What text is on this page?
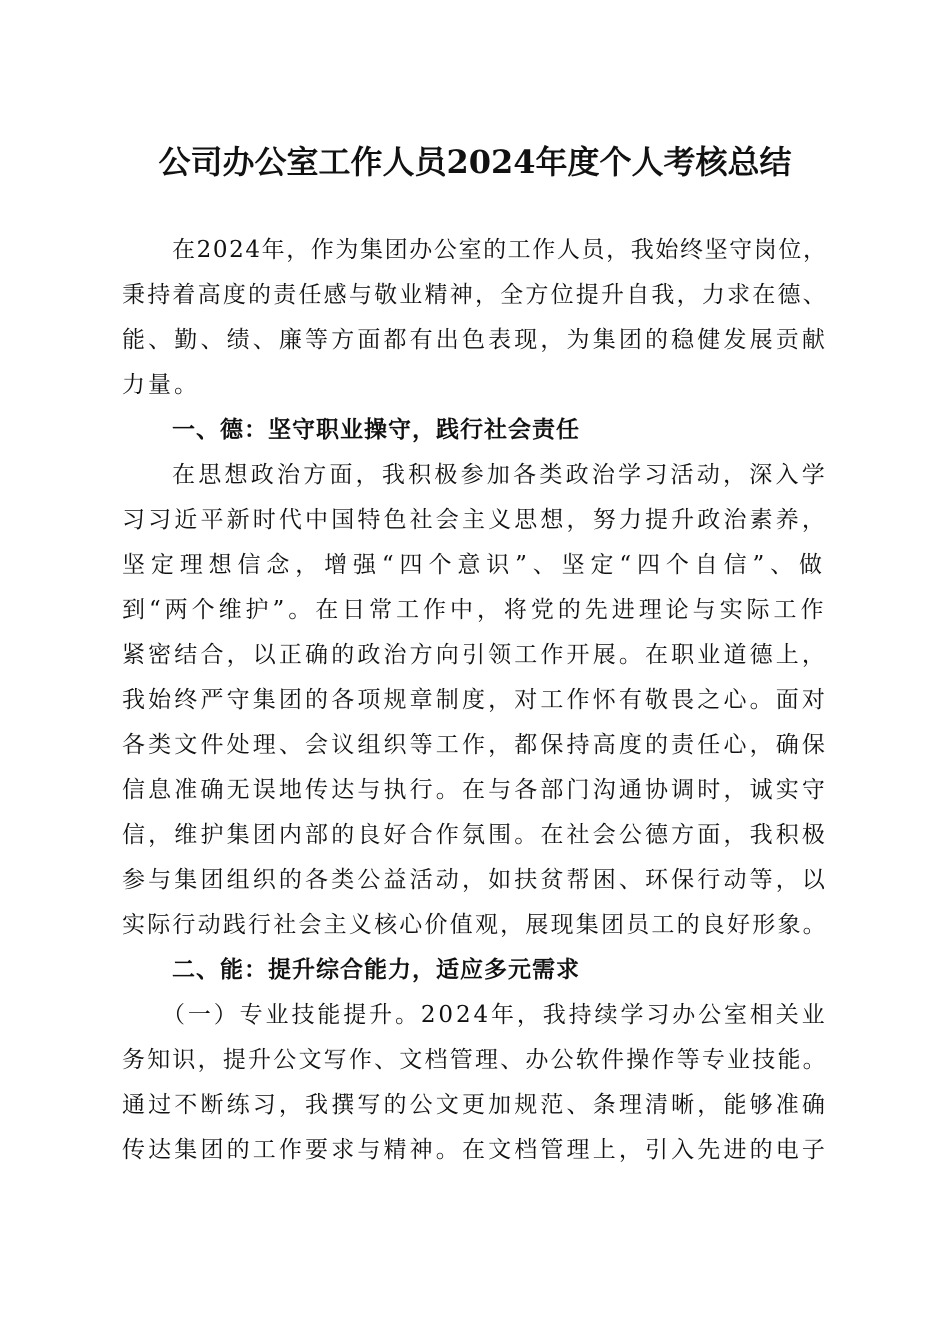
公司办公室工作人员2024年度个人考核总结
在2024年，作为集团办公室的工作人员，我始终坚守岗位，
秉持着高度的责任感与敬业精神，全方位提升自我，力求在德、
能、勤、绩、廉等方面都有出色表现，为集团的稳健发展贡献
力量。
一、德：坚守职业操守，践行社会责任
在思想政治方面，我积极参加各类政治学习活动，深入学
习习近平新时代中国特色社会主义思想，努力提升政治素养，
坚定理想信念，增强“四个意识”、坚定“四个自信”、做
到“两个维护”。在日常工作中，将党的先进理论与实际工作
紧密结合，以正确的政治方向引领工作开展。在职业道德上，
我始终严守集团的各项规章制度，对工作怀有敬畏之心。面对
各类文件处理、会议组织等工作，都保持高度的责任心，确保
信息准确无误地传达与执行。在与各部门沟通协调时，诚实守
信，维护集团内部的良好合作氛围。在社会公德方面，我积极
参与集团组织的各类公益活动，如扶贫帮困、环保行动等，以
实际行动践行社会主义核心价值观，展现集团员工的良好形象。
二、能：提升综合能力，适应多元需求
（一）专业技能提升。2024年，我持续学习办公室相关业
务知识，提升公文写作、文档管理、办公软件操作等专业技能。
通过不断练习，我撰写的公文更加规范、条理清晰，能够准确
传达集团的工作要求与精神。在文档管理上，引入先进的电子
